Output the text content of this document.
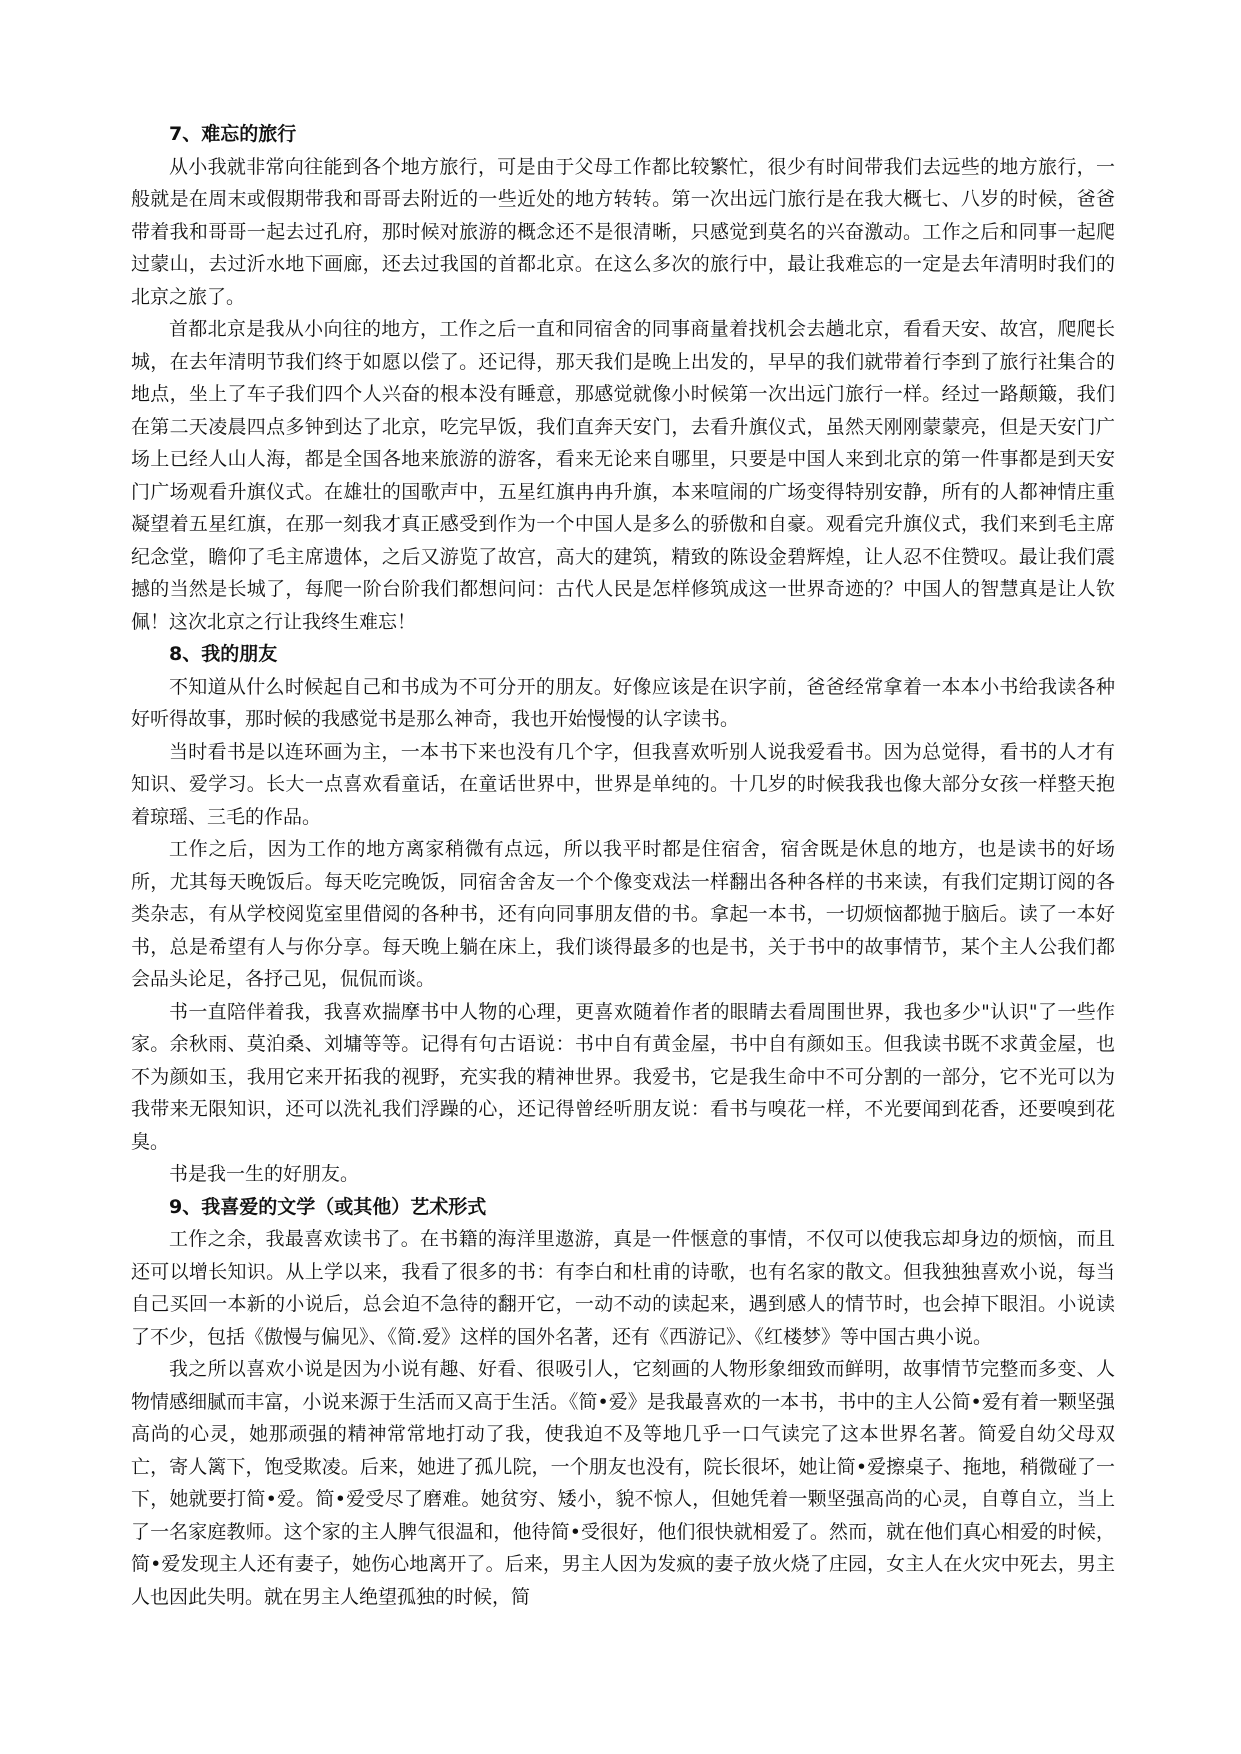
7、难忘的旅行

从小我就非常向往能到各个地方旅行，可是由于父母工作都比较繁忙，很少有时间带我们去远些的地方旅行，一般就是在周末或假期带我和哥哥去附近的一些近处的地方转转。第一次出远门旅行是在我大概七、八岁的时候，爸爸带着我和哥哥一起去过孔府，那时候对旅游的概念还不是很清晰，只感觉到莫名的兴奋激动。工作之后和同事一起爬过蒙山，去过沂水地下画廊，还去过我国的首都北京。在这么多次的旅行中，最让我难忘的一定是去年清明时我们的北京之旅了。

首都北京是我从小向往的地方，工作之后一直和同宿舍的同事商量着找机会去趟北京，看看天安、故宫，爬爬长城，在去年清明节我们终于如愿以偿了。还记得，那天我们是晚上出发的，早早的我们就带着行李到了旅行社集合的地点，坐上了车子我们四个人兴奋的根本没有睡意，那感觉就像小时候第一次出远门旅行一样。经过一路颠簸，我们在第二天凌晨四点多钟到达了北京，吃完早饭，我们直奔天安门，去看升旗仪式，虽然天刚刚蒙蒙亮，但是天安门广场上已经人山人海，都是全国各地来旅游的游客，看来无论来自哪里，只要是中国人来到北京的第一件事都是到天安门广场观看升旗仪式。在雄壮的国歌声中，五星红旗冉冉升旗，本来喧闹的广场变得特别安静，所有的人都神情庄重凝望着五星红旗，在那一刻我才真正感受到作为一个中国人是多么的骄傲和自豪。观看完升旗仪式，我们来到毛主席纪念堂，瞻仰了毛主席遗体，之后又游览了故宫，高大的建筑，精致的陈设金碧辉煌，让人忍不住赞叹。最让我们震撼的当然是长城了，每爬一阶台阶我们都想问问：古代人民是怎样修筑成这一世界奇迹的？中国人的智慧真是让人钦佩！这次北京之行让我终生难忘！

8、我的朋友

不知道从什么时候起自己和书成为不可分开的朋友。好像应该是在识字前，爸爸经常拿着一本本小书给我读各种好听得故事，那时候的我感觉书是那么神奇，我也开始慢慢的认字读书。

当时看书是以连环画为主，一本书下来也没有几个字，但我喜欢听别人说我爱看书。因为总觉得，看书的人才有知识、爱学习。长大一点喜欢看童话，在童话世界中，世界是单纯的。十几岁的时候我我也像大部分女孩一样整天抱着琼瑶、三毛的作品。

工作之后，因为工作的地方离家稍微有点远，所以我平时都是住宿舍，宿舍既是休息的地方，也是读书的好场所，尤其每天晚饭后。每天吃完晚饭，同宿舍舍友一个个像变戏法一样翻出各种各样的书来读，有我们定期订阅的各类杂志，有从学校阅览室里借阅的各种书，还有向同事朋友借的书。拿起一本书，一切烦恼都抛于脑后。读了一本好书，总是希望有人与你分享。每天晚上躺在床上，我们谈得最多的也是书，关于书中的故事情节，某个主人公我们都会品头论足，各抒己见，侃侃而谈。

书一直陪伴着我，我喜欢揣摩书中人物的心理，更喜欢随着作者的眼睛去看周围世界，我也多少"认识"了一些作家。余秋雨、莫泊桑、刘墉等等。记得有句古语说：书中自有黄金屋，书中自有颜如玉。但我读书既不求黄金屋，也不为颜如玉，我用它来开拓我的视野，充实我的精神世界。我爱书，它是我生命中不可分割的一部分，它不光可以为我带来无限知识，还可以洗礼我们浮躁的心，还记得曾经听朋友说：看书与嗅花一样，不光要闻到花香，还要嗅到花臭。

书是我一生的好朋友。

9、我喜爱的文学（或其他）艺术形式

工作之余，我最喜欢读书了。在书籍的海洋里遨游，真是一件惬意的事情，不仅可以使我忘却身边的烦恼，而且还可以增长知识。从上学以来，我看了很多的书：有李白和杜甫的诗歌，也有名家的散文。但我独独喜欢小说，每当自己买回一本新的小说后，总会迫不急待的翻开它，一动不动的读起来，遇到感人的情节时，也会掉下眼泪。小说读了不少，包括《傲慢与偏见》、《简.爱》这样的国外名著，还有《西游记》、《红楼梦》等中国古典小说。

我之所以喜欢小说是因为小说有趣、好看、很吸引人，它刻画的人物形象细致而鲜明，故事情节完整而多变、人物情感细腻而丰富，小说来源于生活而又高于生活。《简•爱》是我最喜欢的一本书，书中的主人公简•爱有着一颗坚强高尚的心灵，她那顽强的精神常常地打动了我，使我迫不及等地几乎一口气读完了这本世界名著。简爱自幼父母双亡，寄人篱下，饱受欺凌。后来，她进了孤儿院，一个朋友也没有，院长很坏，她让简•爱擦桌子、拖地，稍微碰了一下，她就要打简•爱。简•爱受尽了磨难。她贫穷、矮小，貌不惊人，但她凭着一颗坚强高尚的心灵，自尊自立，当上了一名家庭教师。这个家的主人脾气很温和，他待简•受很好，他们很快就相爱了。然而，就在他们真心相爱的时候，简•爱发现主人还有妻子，她伤心地离开了。后来，男主人因为发疯的妻子放火烧了庄园，女主人在火灾中死去，男主人也因此失明。就在男主人绝望孤独的时候，简
